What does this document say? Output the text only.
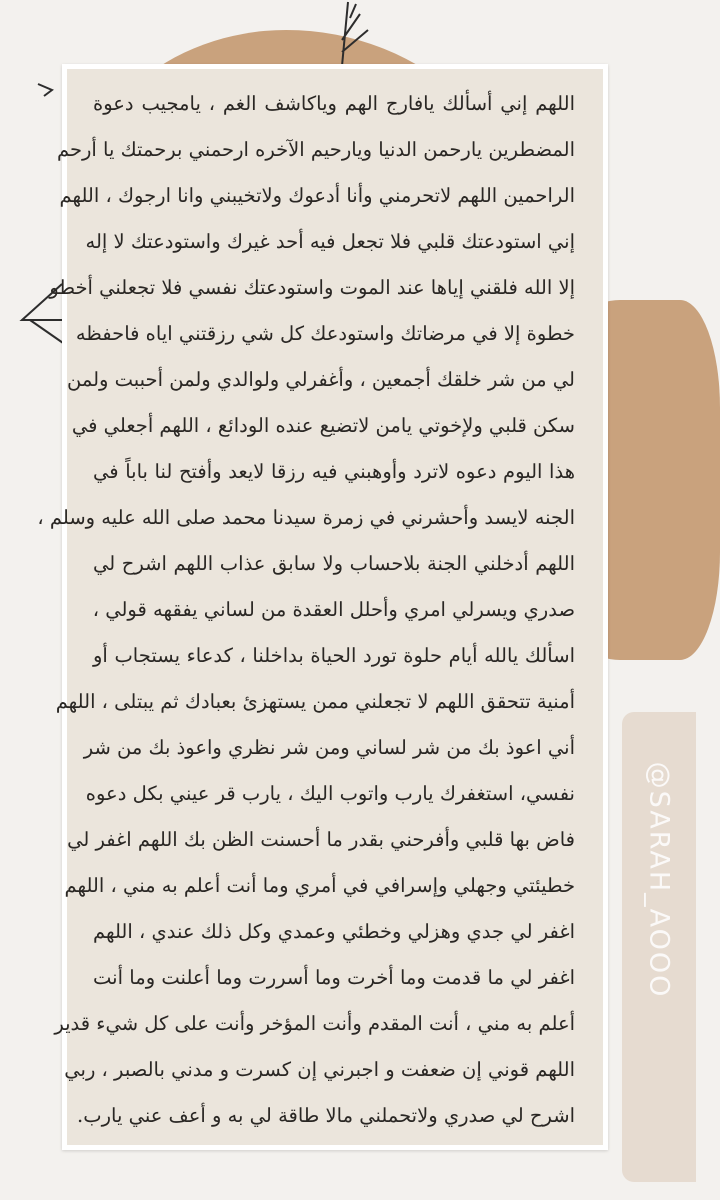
@SARAH_AOOO
اللهم إني أسألك يافارج الهم وياكاشف الغم ، يامجيب دعوة
المضطرين يارحمن الدنيا ويارحيم الآخره ارحمني برحمتك يا أرحم
الراحمين اللهم لاتحرمني وأنا أدعوك ولاتخيبني وانا ارجوك ، اللهم
إني استودعتك قلبي فلا تجعل فيه أحد غيرك واستودعتك لا إله
إلا الله فلقني إياها عند الموت واستودعتك نفسي فلا تجعلني أخطو
خطوة إلا في مرضاتك واستودعك كل شي رزقتني اياه فاحفظه
لي من شر خلقك أجمعين ، وأغفرلي ولوالدي ولمن أحببت ولمن
سكن قلبي ولإخوتي يامن لاتضيع عنده الودائع ، اللهم أجعلي في
هذا اليوم دعوه لاترد وأوهبني فيه رزقا لايعد وأفتح لنا باباً في
الجنه لايسد وأحشرني في زمرة سيدنا محمد صلى الله عليه وسلم ،
اللهم أدخلني الجنة بلاحساب ولا سابق عذاب اللهم اشرح لي
صدري ويسرلي امري وأحلل العقدة من لساني يفقهه قولي ،
اسألك يالله أيام حلوة تورد الحياة بداخلنا ، كدعاء يستجاب أو
أمنية تتحقق اللهم لا تجعلني ممن يستهزئ بعبادك ثم يبتلى ، اللهم
أني اعوذ بك من شر لساني ومن شر نظري واعوذ بك من شر
نفسي، استغفرك يارب واتوب اليك ، يارب قر عيني بكل دعوه
فاض بها قلبي وأفرحني بقدر ما أحسنت الظن بك اللهم اغفر لي
خطيئتي وجهلي وإسرافي في أمري وما أنت أعلم به مني ، اللهم
اغفر لي جدي وهزلي وخطئي وعمدي وكل ذلك عندي ، اللهم
اغفر لي ما قدمت وما أخرت وما أسررت وما أعلنت وما أنت
أعلم به مني ، أنت المقدم وأنت المؤخر وأنت على كل شيء قدير
اللهم قوني إن ضعفت و اجبرني إن كسرت و مدني بالصبر ، ربي
اشرح لي صدري ولاتحملني مالا طاقة لي به و أعف عني يارب.
